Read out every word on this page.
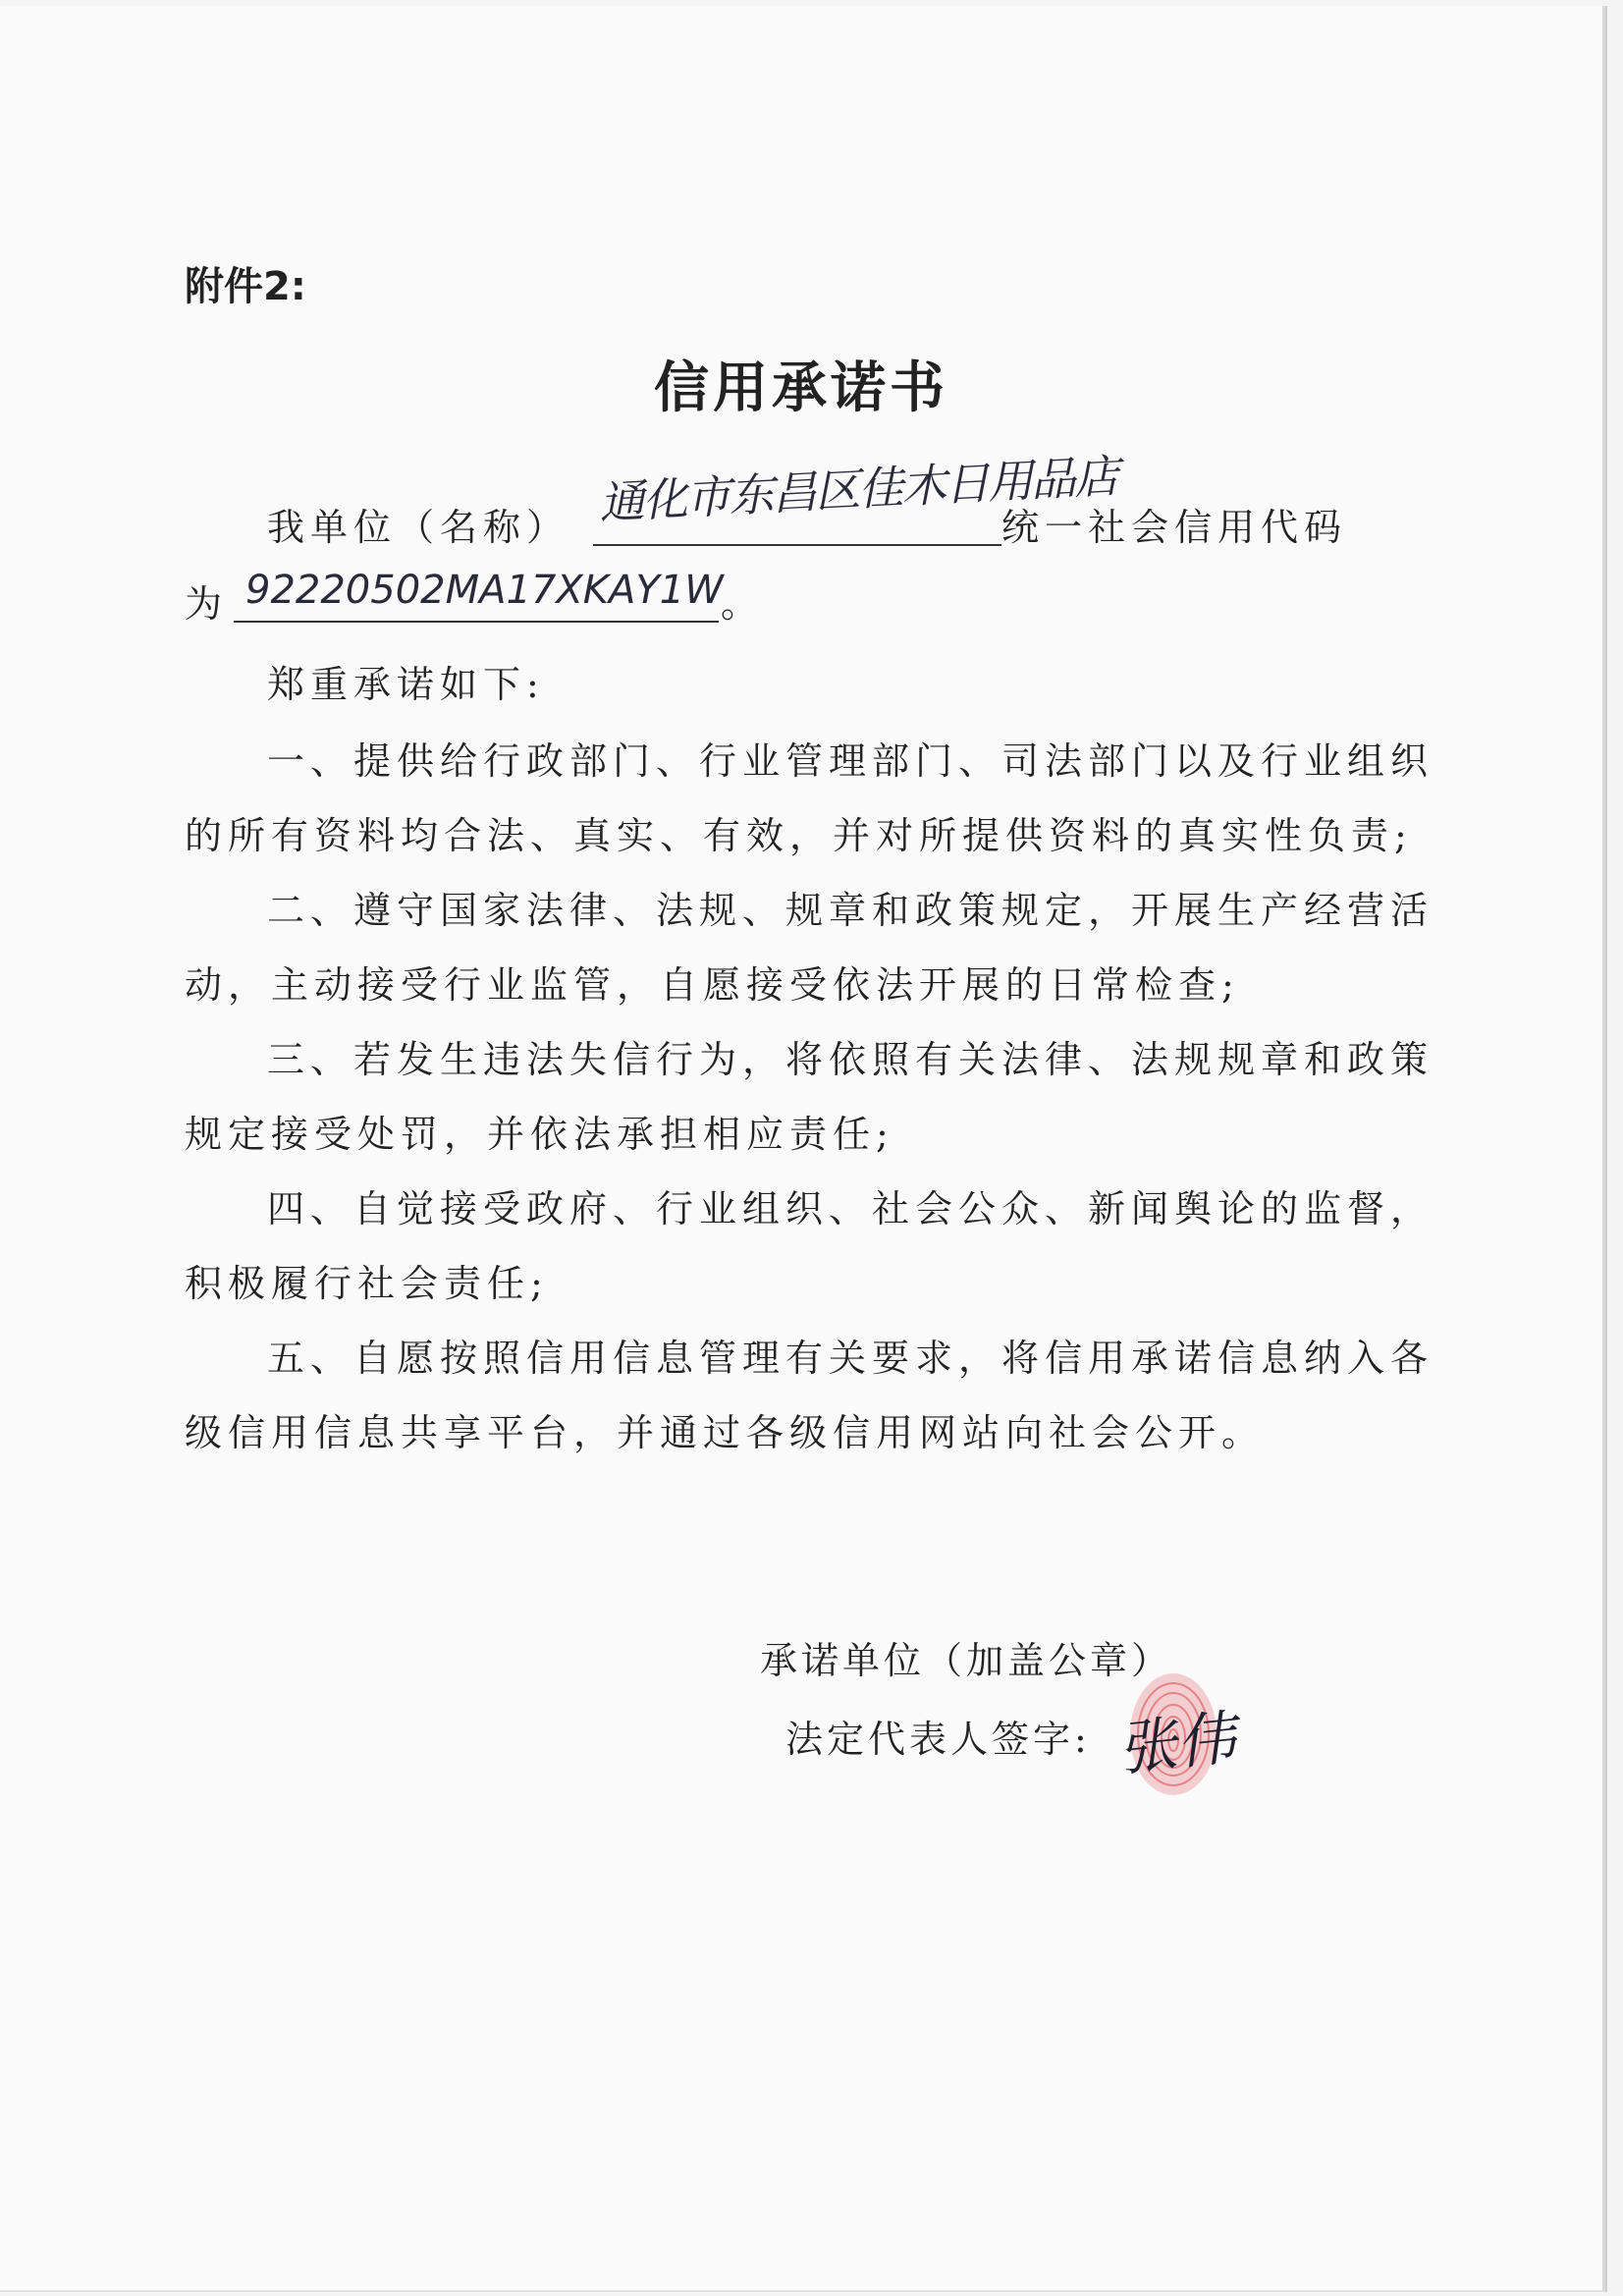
附件2:
信用承诺书
我单位（名称） 通化市东昌区佳木日用品店
统一社会信用代码
为 92220502MA17XKAY1W
。
郑重承诺如下:
一、提供给行政部门、行业管理部门、司法部门以及行业组织
的所有资料均合法、真实、有效，并对所提供资料的真实性负责;
二、遵守国家法律、法规、规章和政策规定，开展生产经营活
动，主动接受行业监管，自愿接受依法开展的日常检查;
三、若发生违法失信行为，将依照有关法律、法规规章和政策
规定接受处罚，并依法承担相应责任;
四、自觉接受政府、行业组织、社会公众、新闻舆论的监督，
积极履行社会责任;
五、自愿按照信用信息管理有关要求，将信用承诺信息纳入各
级信用信息共享平台，并通过各级信用网站向社会公开。
承诺单位（加盖公章）
法定代表人签字: 张伟
